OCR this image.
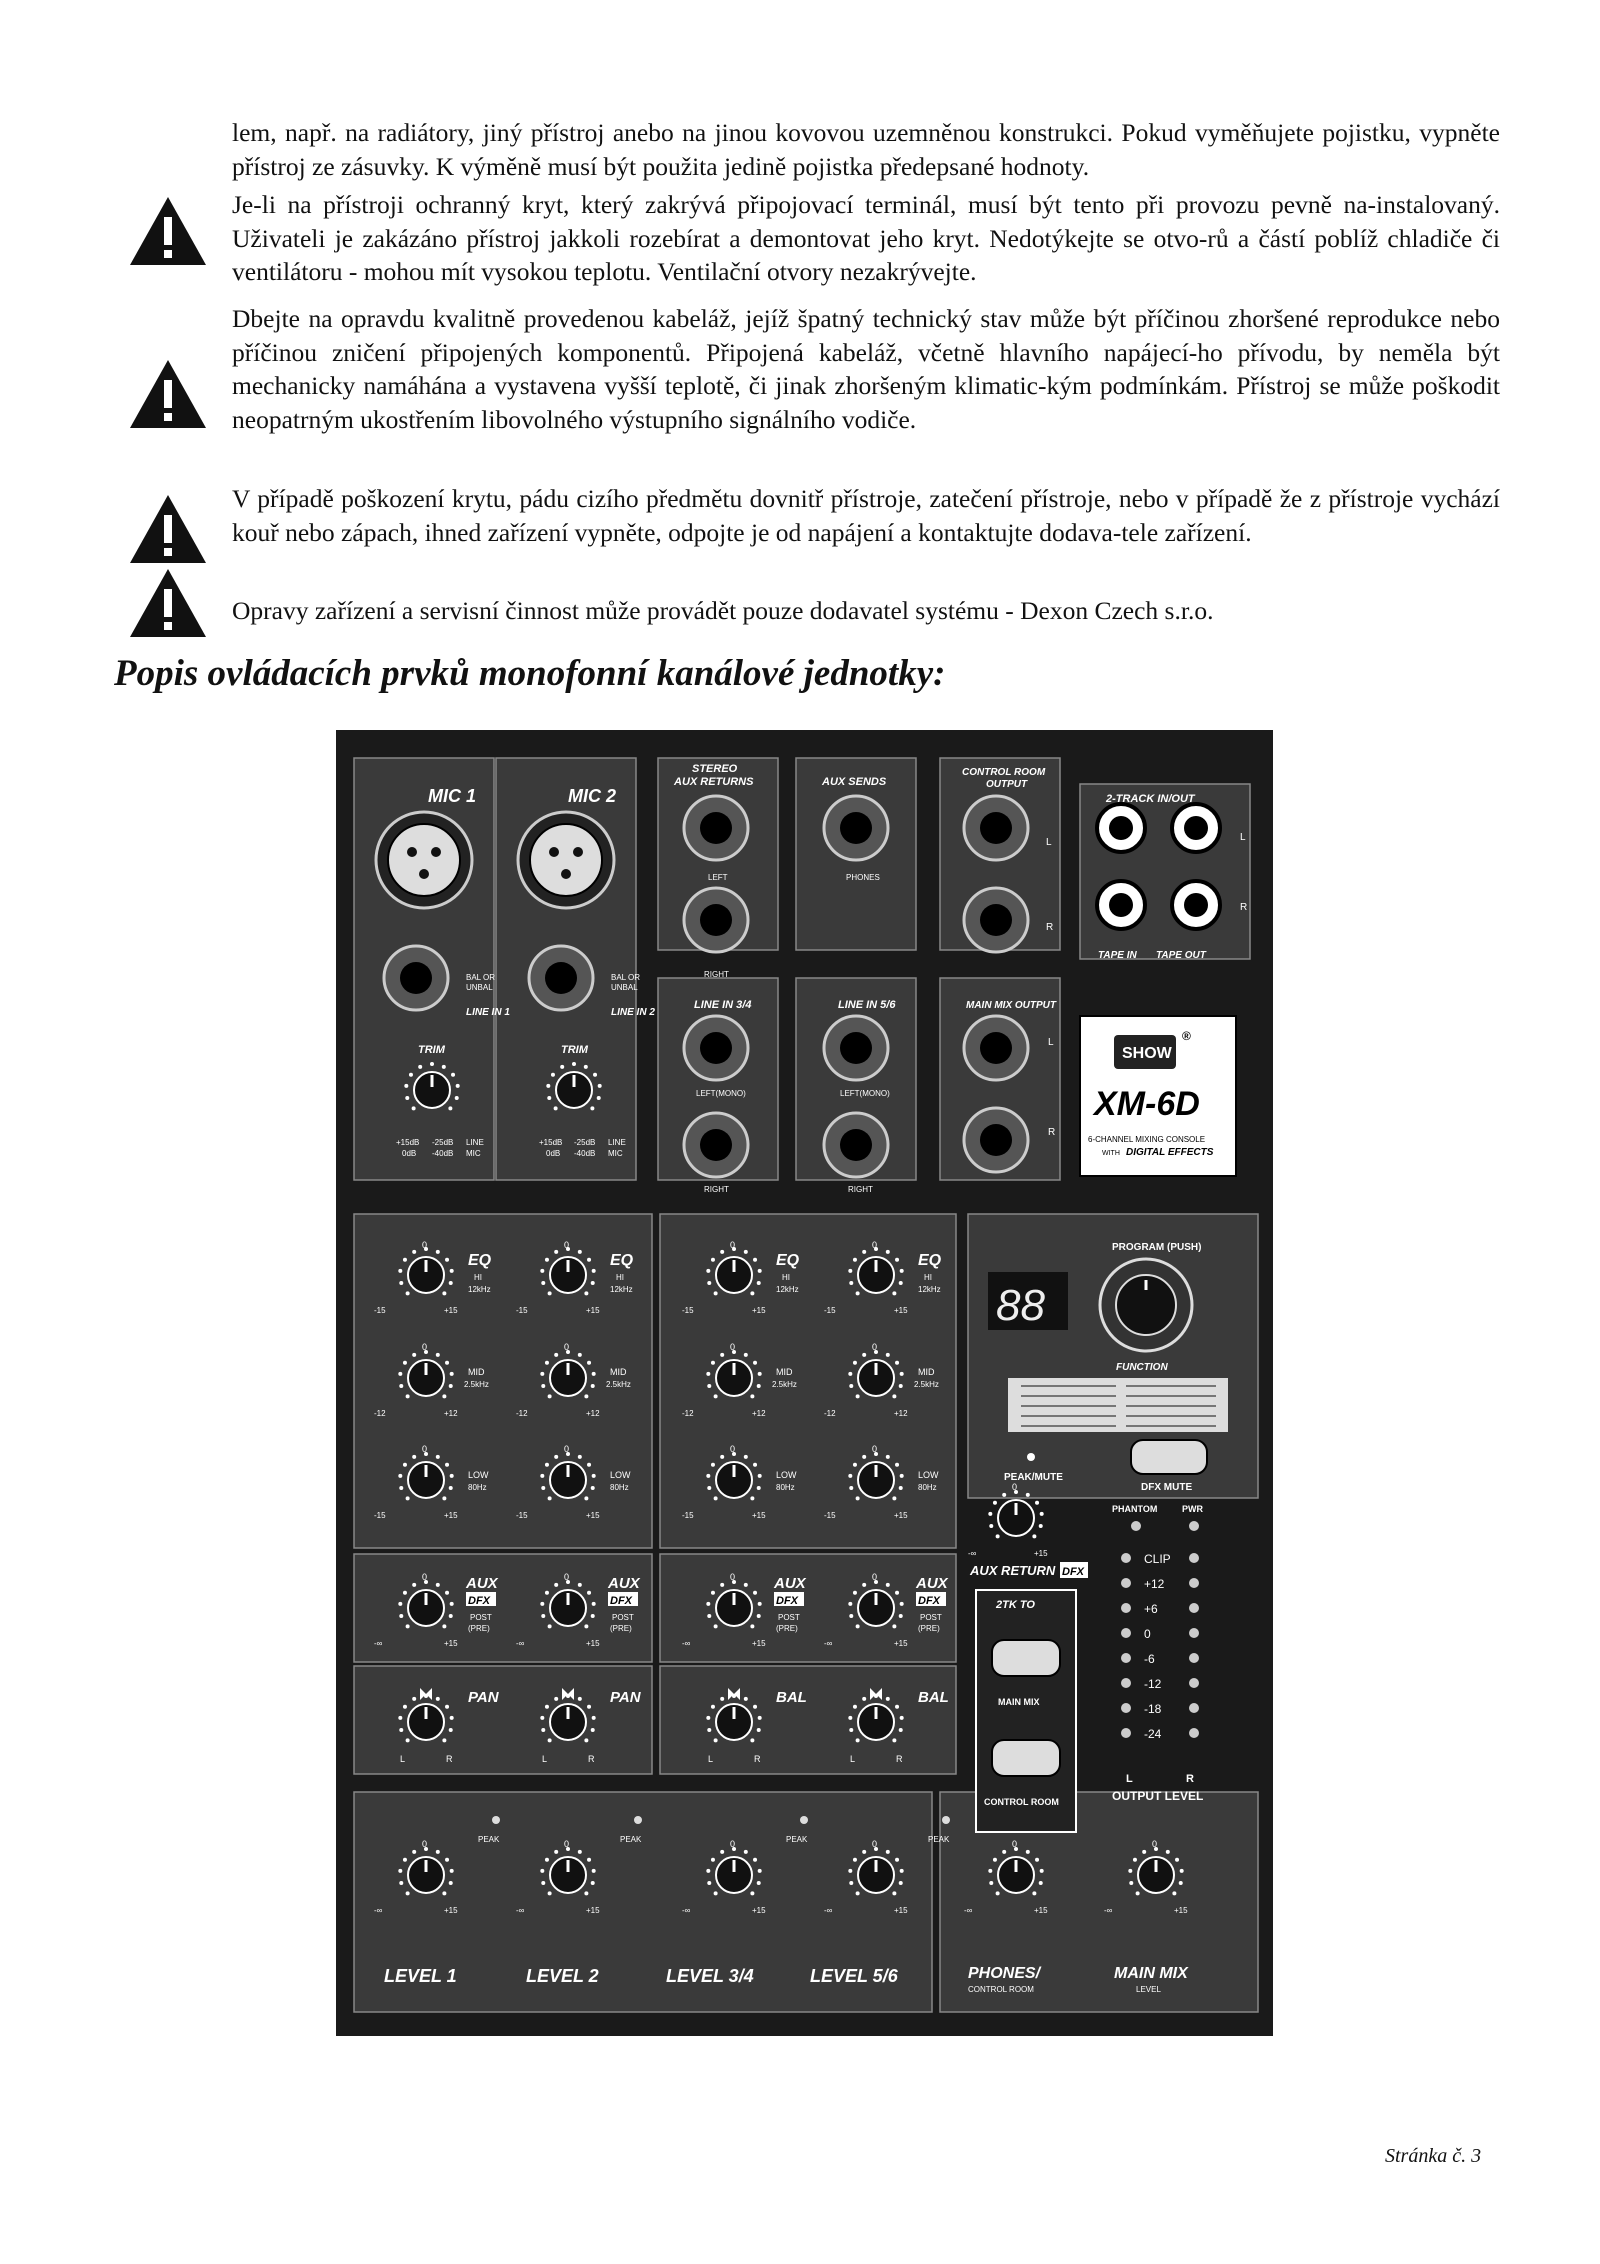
lem, např. na radiátory, jiný přístroj anebo na jinou kovovou uzemněnou konstrukci. Pokud vyměňujete pojistku, vypněte přístroj ze zásuvky. K výměně musí být použita jedině pojistka předepsané hodnoty.
Je-li na přístroji ochranný kryt, který zakrývá připojovací terminál, musí být tento při provozu pevně na-instalovaný. Uživateli je zakázáno přístroj jakkoli rozebírat a demontovat jeho kryt. Nedotýkejte se otvo-rů a částí poblíž chladiče či ventilátoru - mohou mít vysokou teplotu. Ventilační otvory nezakrývejte.
Dbejte na opravdu kvalitně provedenou kabeláž, jejíž špatný technický stav může být příčinou zhoršené reprodukce nebo příčinou zničení připojených komponentů. Připojená kabeláž, včetně hlavního napájecí-ho přívodu, by neměla být mechanicky namáhána a vystavena vyšší teplotě, či jinak zhoršeným klimatic-kým podmínkám. Přístroj se může poškodit neopatrným ukostřením libovolného výstupního signálního vodiče.
V případě poškození krytu, pádu cizího předmětu dovnitř přístroje, zatečení přístroje, nebo v případě že z přístroje vychází kouř nebo zápach, ihned zařízení vypněte, odpojte je od napájení a kontaktujte dodava-tele zařízení.
Opravy zařízení a servisní činnost může provádět pouze dodavatel systému - Dexon Czech s.r.o.
Popis ovládacích prvků monofonní kanálové jednotky:
0
-15	+15
EQ
HI
12kHz
0
-12	+12
MID
2.5kHz
0
-15	+15
LOW
80Hz
0
-∞	+15
AUX
DFX
POST
(PRE)
L	R
PAN
0
-∞	+15
PEAK
0
-15	+15
EQ
HI
12kHz
0
-12	+12
MID
2.5kHz
0
-15	+15
LOW
80Hz
0
-∞	+15
AUX
DFX
POST
(PRE)
L	R
PAN
0
-∞	+15
PEAK
0
-15	+15
EQ
HI
12kHz
0
-12	+12
MID
2.5kHz
0
-15	+15
LOW
80Hz
0
-∞	+15
AUX
DFX
POST
(PRE)
L	R
BAL
0
-∞	+15
PEAK
0
-15	+15
EQ
HI
12kHz
0
-12	+12
MID
2.5kHz
0
-15	+15
LOW
80Hz
0
-∞	+15
AUX
DFX
POST
(PRE)
L	R
BAL
0
-∞	+15
PEAK
0
-∞	+15
0
-∞	+15
0
-∞	+15
MIC 1	MIC 2
BAL OR
UNBAL
BAL OR
UNBAL
LINE IN 1	LINE IN 2
TRIM	TRIM
+15dB -25dB LINE
0dB -40dB MIC
+15dB -25dB LINE
0dB -40dB MIC
STEREO
AUX RETURNS	AUX SENDS
CONTROL ROOM
OUTPUT
2-TRACK IN/OUT
LEFT
RIGHT
PHONES
L
R
L
R
TAPE IN TAPE OUT
LINE IN 3/4	LINE IN 5/6	MAIN MIX OUTPUT
LEFT(MONO)	LEFT(MONO)
RIGHT	RIGHT
L
R
SHOW
®
XM-6D
6-CHANNEL MIXING CONSOLE
WITH DIGITAL EFFECTS
PROGRAM (PUSH)
88
FUNCTION
PEAK/MUTE
DFX MUTE
PHANTOM	PWR
AUX RETURN DFX
2TK TO
MAIN MIX
CONTROL ROOM
CLIP
+12
+6
0
-6
-12
-18
-24
L	R
OUTPUT LEVEL
LEVEL 1	LEVEL 2	LEVEL 3/4	LEVEL 5/6	PHONES/
CONTROL ROOM
MAIN MIX
LEVEL
Stránka č. 3
